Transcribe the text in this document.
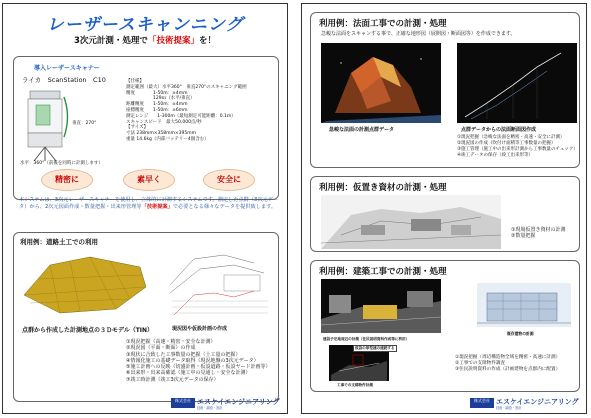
レーザースキャンニング
3次元計測・処理で「技術提案」を！
導入レーザースキャナー
ライカ　 ScanStation　C10
垂直：270°
水平：360°（前後を同時に計測します）
【仕様】
測定範囲（最大）水平360°　垂直270°のスキャニング範囲
精度　　　　1-50m：±4mm
　　　　　　129ｍ（水平/垂直）
距離精度　　1-50m：±4mm
座標精度　　1-50m：±6mm
測定レンジ　　1-300m（最短測定可能距離：0.1m）
スキャンスピード　最大50,000点/秒
【サイズ】
寸法 238mm×358mm×395mm
重量 14.6kg（内部バッテリー4個含む）
精密に	素早く	安全に
本システムは、3次元レーザースキャナーを使用し、立体的に計測するシステムです。測定した点群（3次元データ）から、2次元図面作成・数量把握・出来形管理等「技術提案」で必要となる様々なデータを提供致します。
利用例：道路土工での利用
点群から作成した計測地点の３Ｄモデル（TIN）	現況図や仮設計画の作成
①現況把握（高速・精密・安全な計測）
②現況図（平面・断面）の作成
③現状に合致した工事数量の把握（土工量の把握）
④情報化施工の基礎データ取得（現況地盤の3次元データ）
⑤施工計画への反映（切盛計画・仮設道路・仮設ヤード計画等）
⑥出来形・出来高確認（施工中の見通し・安全な計測）
⑦竣工時計測（竣工3次元データの保存）
株式会社 エスケイエンジニアリング
技術・調査・設計
利用例：法面工事での計測・処理
急峻な法面をスキャンする事で、正確な地形図（展開図・断面図等）を作成できます。
急峻な法面の計測点群データ	点群データからの法面断面図作成
①現況把握（急峻な法面を精密・高速・安全に計測）
②現況図の作成（吹付け面積等工事数量の把握）
③施工管理（施工中の出来形計測から工事数量のチェック）
④竣工データの保存（竣工出来形等）
利用例：仮置き資材の計測・処理
①現場仮置き資材の計測
②数量把握
利用例：建築工事での計測・処理
建設予定地周辺の計測（住民説明資料作成等に利用）
既存建物の計測
仮設の厚型建の連続する
工事での支障物件計測
①現況把握（周辺構造物全域を精密・高速に計測）
②工事での支障物件調査
③住民説明資料の作成（計画建物を点群内に配置）
株式会社 エスケイエンジニアリング
技術・調査・設計
